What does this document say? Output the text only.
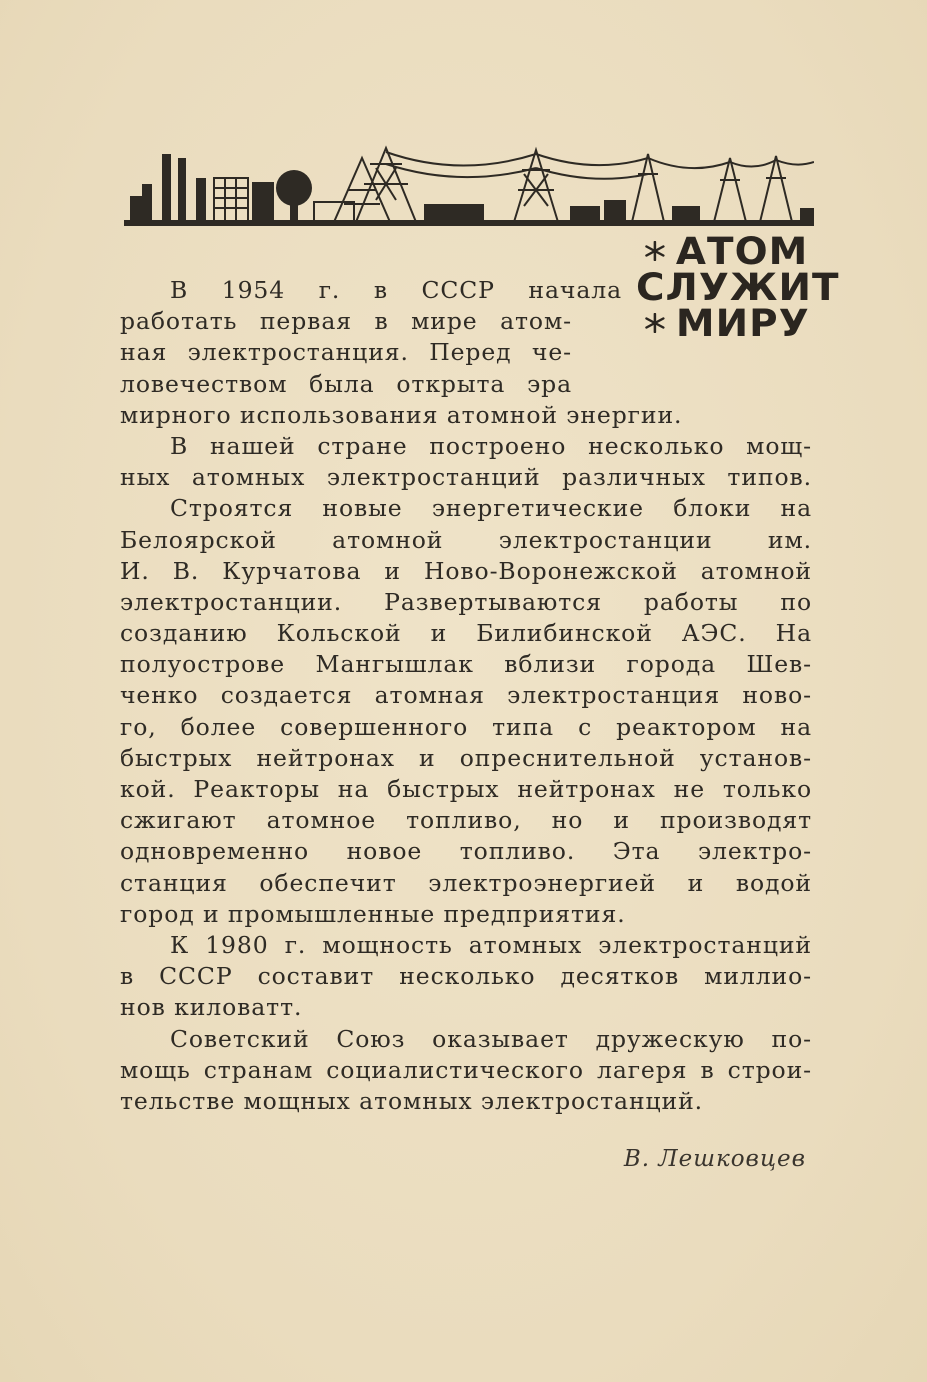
АТОМ
СЛУЖИТ
МИРУ
В 1954 г. в СССР начала
работать первая в мире атом-
ная электростанция. Перед че-
ловечеством была открыта эра
мирного использования атомной энергии.
В нашей стране построено несколько мощ-
ных атомных электростанций различных типов.
Строятся новые энергетические блоки на
Белоярской атомной электростанции им.
И. В. Курчатова и Ново-Воронежской атомной
электростанции. Развертываются работы по
созданию Кольской и Билибинской АЭС. На
полуострове Мангышлак вблизи города Шев-
ченко создается атомная электростанция ново-
го, более совершенного типа с реактором на
быстрых нейтронах и опреснительной установ-
кой. Реакторы на быстрых нейтронах не только
сжигают атомное топливо, но и производят
одновременно новое топливо. Эта электро-
станция обеспечит электроэнергией и водой
город и промышленные предприятия.
К 1980 г. мощность атомных электростанций
в СССР составит несколько десятков миллио-
нов киловатт.
Советский Союз оказывает дружескую по-
мощь странам социалистического лагеря в строи-
тельстве мощных атомных электростанций.
В. Лешковцев
